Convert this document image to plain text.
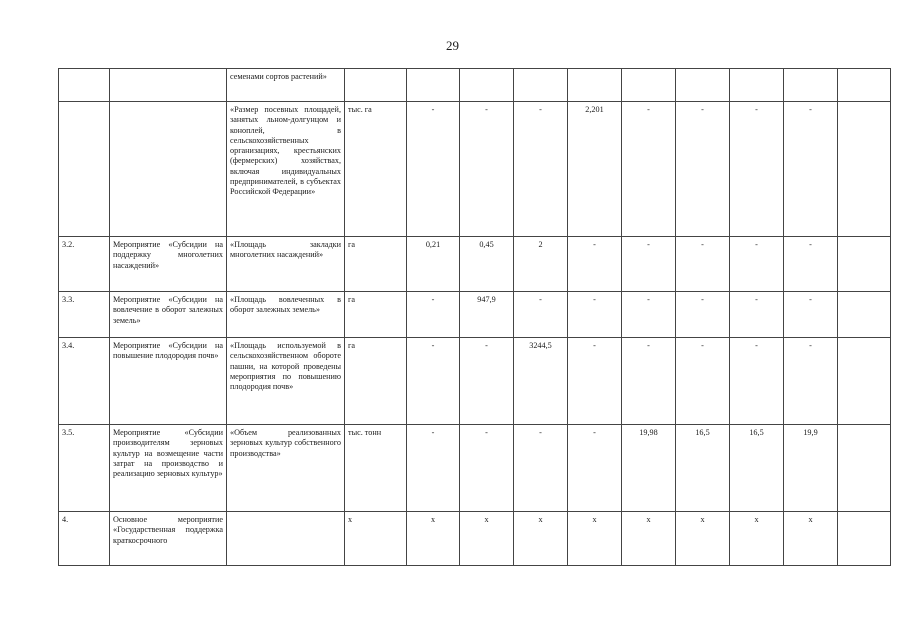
29
		семенами сортов растений»										
		«Размер посевных площадей, занятых льном-долгунцом и коноплей, в сельскохозяйственных организациях, крестьянских (фермерских) хозяйствах, включая индивидуальных предпринимателей, в субъектах Российской Федерации»	тыс. га	-	-	-	2,201	-	-	-	-	
3.2.	Мероприятие «Субсидии на поддержку многолетних насаждений»	«Площадь закладки многолетних насаждений»	га	0,21	0,45	2	-	-	-	-	-	
3.3.	Мероприятие «Субсидии на вовлечение в оборот залежных земель»	«Площадь вовлеченных в оборот залежных земель»	га	-	947,9	-	-	-	-	-	-	
3.4.	Мероприятие «Субсидии на повышение плодородия почв»	«Площадь используемой в сельскохозяйственном обороте пашни, на которой проведены мероприятия по повышению плодородия почв»	га	-	-	3244,5	-	-	-	-	-	
3.5.	Мероприятие «Субсидии производителям зерновых культур на возмещение части затрат на производство и реализацию зерновых культур»	«Объем реализованных зерновых культур собственного производства»	тыс. тонн	-	-	-	-	19,98	16,5	16,5	19,9	
4.	Основное мероприятие «Государственная поддержка краткосрочного		х	х	х	х	х	х	х	х	х	
